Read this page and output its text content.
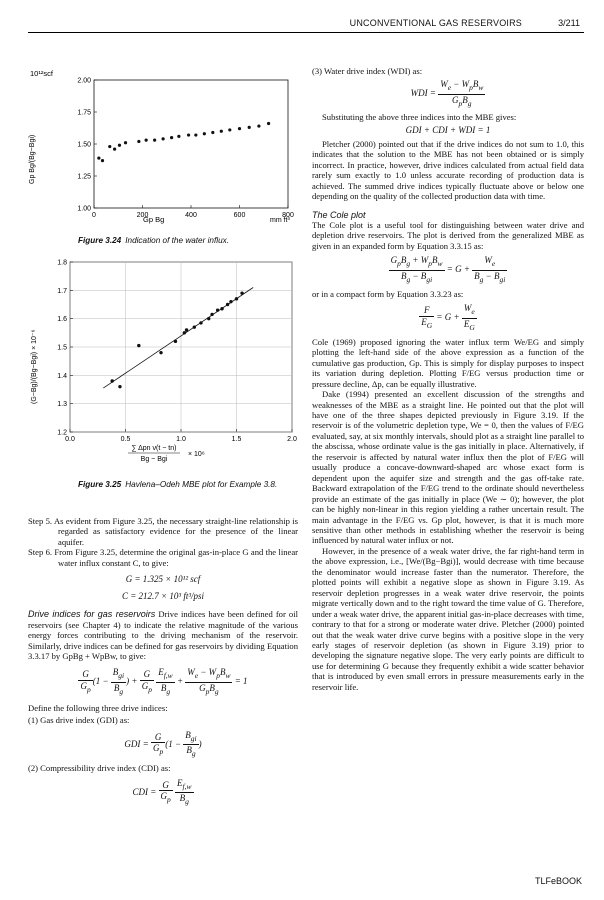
UNCONVENTIONAL GAS RESERVOIRS	3/211
10¹²scf
Gp Bg/(Bg−Bgi)
Gp Bg	mm ft³
0	200	400	600	800
1.00
1.25
1.50
1.75
2.00
Figure 3.24 Indication of the water influx.
(G−Bg)/(Bg−Bgi) × 10⁻⁶
0.0	0.5	1.0	1.5	2.0
1.2
1.3
1.4
1.5
1.6
1.7
1.8
∑ Δpn ν(t − tn)
Bg − Bgi
× 10⁶
Figure 3.25 Havlena–Odeh MBE plot for Example 3.8.

Step 5. As evident from Figure 3.25, the necessary straight-line relationship is regarded as satisfactory evidence for the presence of the linear aquifer.

Step 6. From Figure 3.25, determine the original gas-in-place G and the linear water influx constant C, to give:

G = 1.325 × 10¹² scf

C = 212.7 × 10³ ft³/psi

Drive indices for gas reservoirs Drive indices have been defined for oil reservoirs (see Chapter 4) to indicate the relative magnitude of the various energy forces contributing to the driving mechanism of the reservoir. Similarly, drive indices can be defined for gas reservoirs by dividing Equation 3.3.17 by GpBg + WpBw, to give:

$\frac{G}{G_p} (1 - \frac{B_{gi}}{B_g}$ ) + $\frac{G}{G_p}$
$\frac{E_{f,w}}{B_g} + \frac{W_e - W_pB_w}{G_pB_g} = 1$

Define the following three drive indices:

(1) Gas drive index (GDI) as:

GDI = $\frac{G}{G_p} (1 - \frac{B_{gi}}{B_g}$ )

(2) Compressibility drive index (CDI) as:

CDI = $\frac{G}{G_p}$
$\frac{E_{f,w}}{B_g}$

(3) Water drive index (WDI) as:

WDI = $\frac{W_e - W_pB_w}{G_pB_g}$

Substituting the above three indices into the MBE gives:

GDI + CDI + WDI = 1

Pletcher (2000) pointed out that if the drive indices do not sum to 1.0, this indicates that the solution to the MBE has not been obtained or is simply incorrect. In practice, however, drive indices calculated from actual field data rarely sum exactly to 1.0 unless accurate recording of production data is achieved. The summed drive indices typically fluctuate above or below one depending on the quality of the collected production data with time.

The Cole plot

The Cole plot is a useful tool for distinguishing between water drive and depletion drive reservoirs. The plot is derived from the generalized MBE as given in an expanded form by Equation 3.3.15 as:

$\frac{G_pB_g + W_pB_w}{B_g - B_{gi}} = G + \frac{W_e}{B_g - B_{gi}}$

or in a compact form by Equation 3.3.23 as:

$\frac{F}{E_G} = G + \frac{W_e}{E_G}$

Cole (1969) proposed ignoring the water influx term We/EG and simply plotting the left-hand side of the above expression as a function of the cumulative gas production, Gp. This is simply for display purposes to inspect its variation during depletion. Plotting F/EG versus production time or pressure decline, Δp, can be equally illustrative.

Dake (1994) presented an excellent discussion of the strengths and weaknesses of the MBE as a straight line. He pointed out that the plot will have one of the three shapes depicted previously in Figure 3.19. If the reservoir is of the volumetric depletion type, We = 0, then the values of F/EG evaluated, say, at six monthly intervals, should plot as a straight line parallel to the abscissa, whose ordinate value is the gas initially in place. Alternatively, if the reservoir is affected by natural water influx then the plot of F/EG will usually produce a concave-downward-shaped arc whose exact form is dependent upon the aquifer size and strength and the gas off-take rate. Backward extrapolation of the F/EG trend to the ordinate should nevertheless provide an estimate of the gas initially in place (We ∼ 0); however, the plot can be highly non-linear in this region yielding a rather uncertain result. The main advantage in the F/EG vs. Gp plot, however, is that it is much more sensitive than other methods in establishing whether the reservoir is being influenced by natural water influx or not.

However, in the presence of a weak water drive, the far right-hand term in the above expression, i.e., [We/(Bg−Bgi)], would decrease with time because the denominator would increase faster than the numerator. Therefore, the plotted points will exhibit a negative slope as shown in Figure 3.19. As reservoir depletion progresses in a weak water drive reservoir, the points migrate vertically down and to the right toward the time value of G. Therefore, under a weak water drive, the apparent initial gas-in-place decreases with time, contrary to that for a strong or moderate water drive. Pletcher (2000) pointed out that the weak water drive curve begins with a positive slope in the very early stages of reservoir depletion (as shown in Figure 3.19) prior to developing the signature negative slope. The very early points are difficult to use for determining G because they frequently exhibit a wide scatter behavior that is introduced by even small errors in pressure measurements early in the reservoir life.

TLFeBOOK
